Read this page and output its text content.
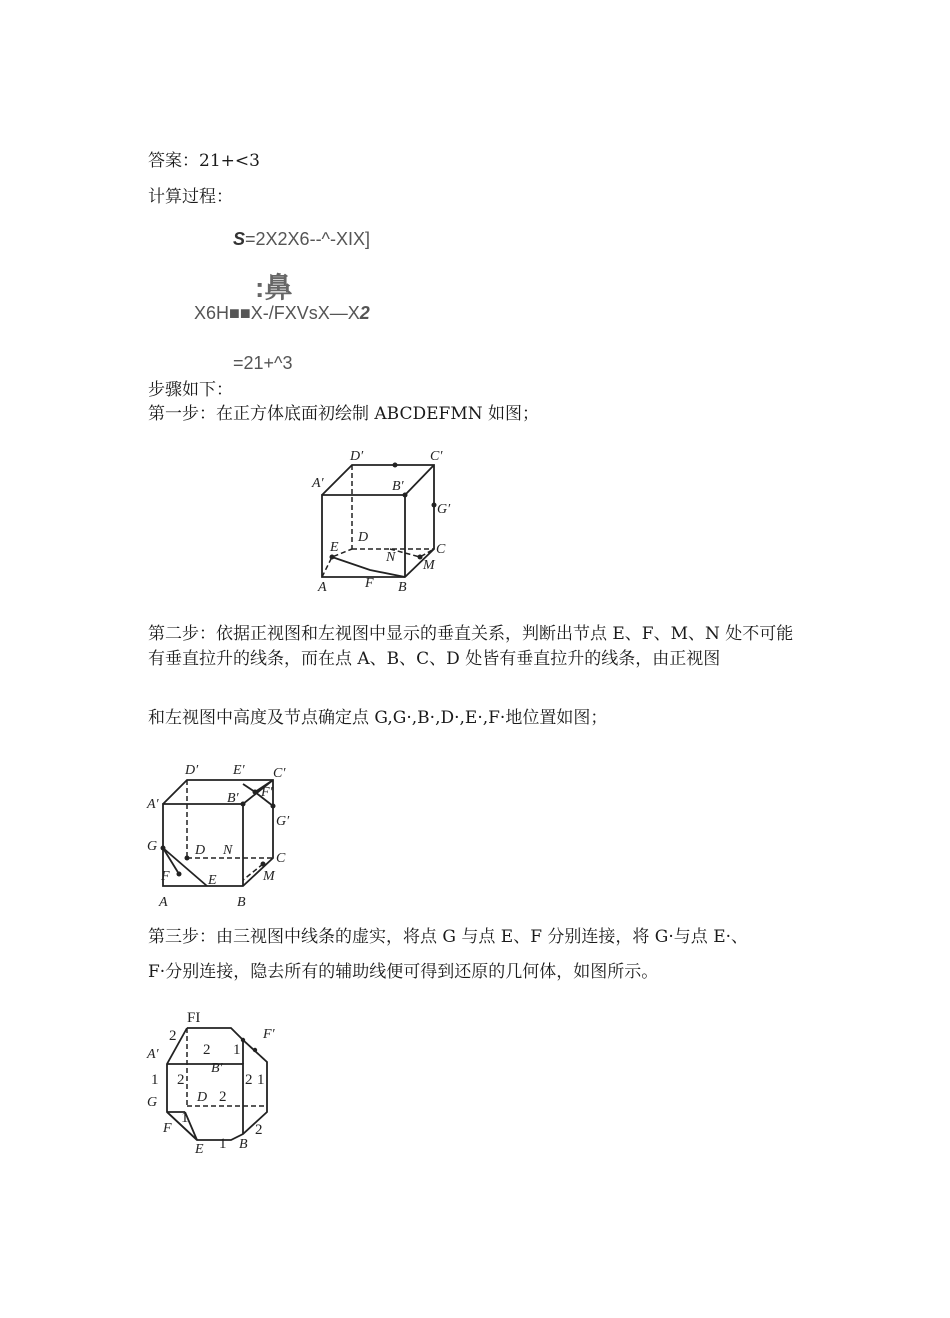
答案：21+<3
计算过程：
S=2X2X6--^-XIX]
:鼻
X6H■■X-/FXVsX—X2
=21+^3
步骤如下：
第一步：在正方体底面初绘制 ABCDEFMN 如图；
第二步：依据正视图和左视图中显示的垂直关系，判断出节点 E、F、M、N 处不可能有垂直拉升的线条，而在点 A、B、C、D 处皆有垂直拉升的线条，由正视图
和左视图中高度及节点确定点 G,G·,B·,D·,E·,F·地位置如图；
第三步：由三视图中线条的虚实，将点 G 与点 E、F 分别连接，将 G·与点 E·、
F·分别连接，隐去所有的辅助线便可得到还原的几何体，如图所示。
D′	C′
A′	B′
G′
D
E
N
C
M
A	F B
D′ E′ C′
A′	B′ F′
G′
G	D N
C
F	E	M
A	B
FI
F′
A′
B′
G	D
F
E	B
2
2 1
1 2	2
2
1
1
1
2
